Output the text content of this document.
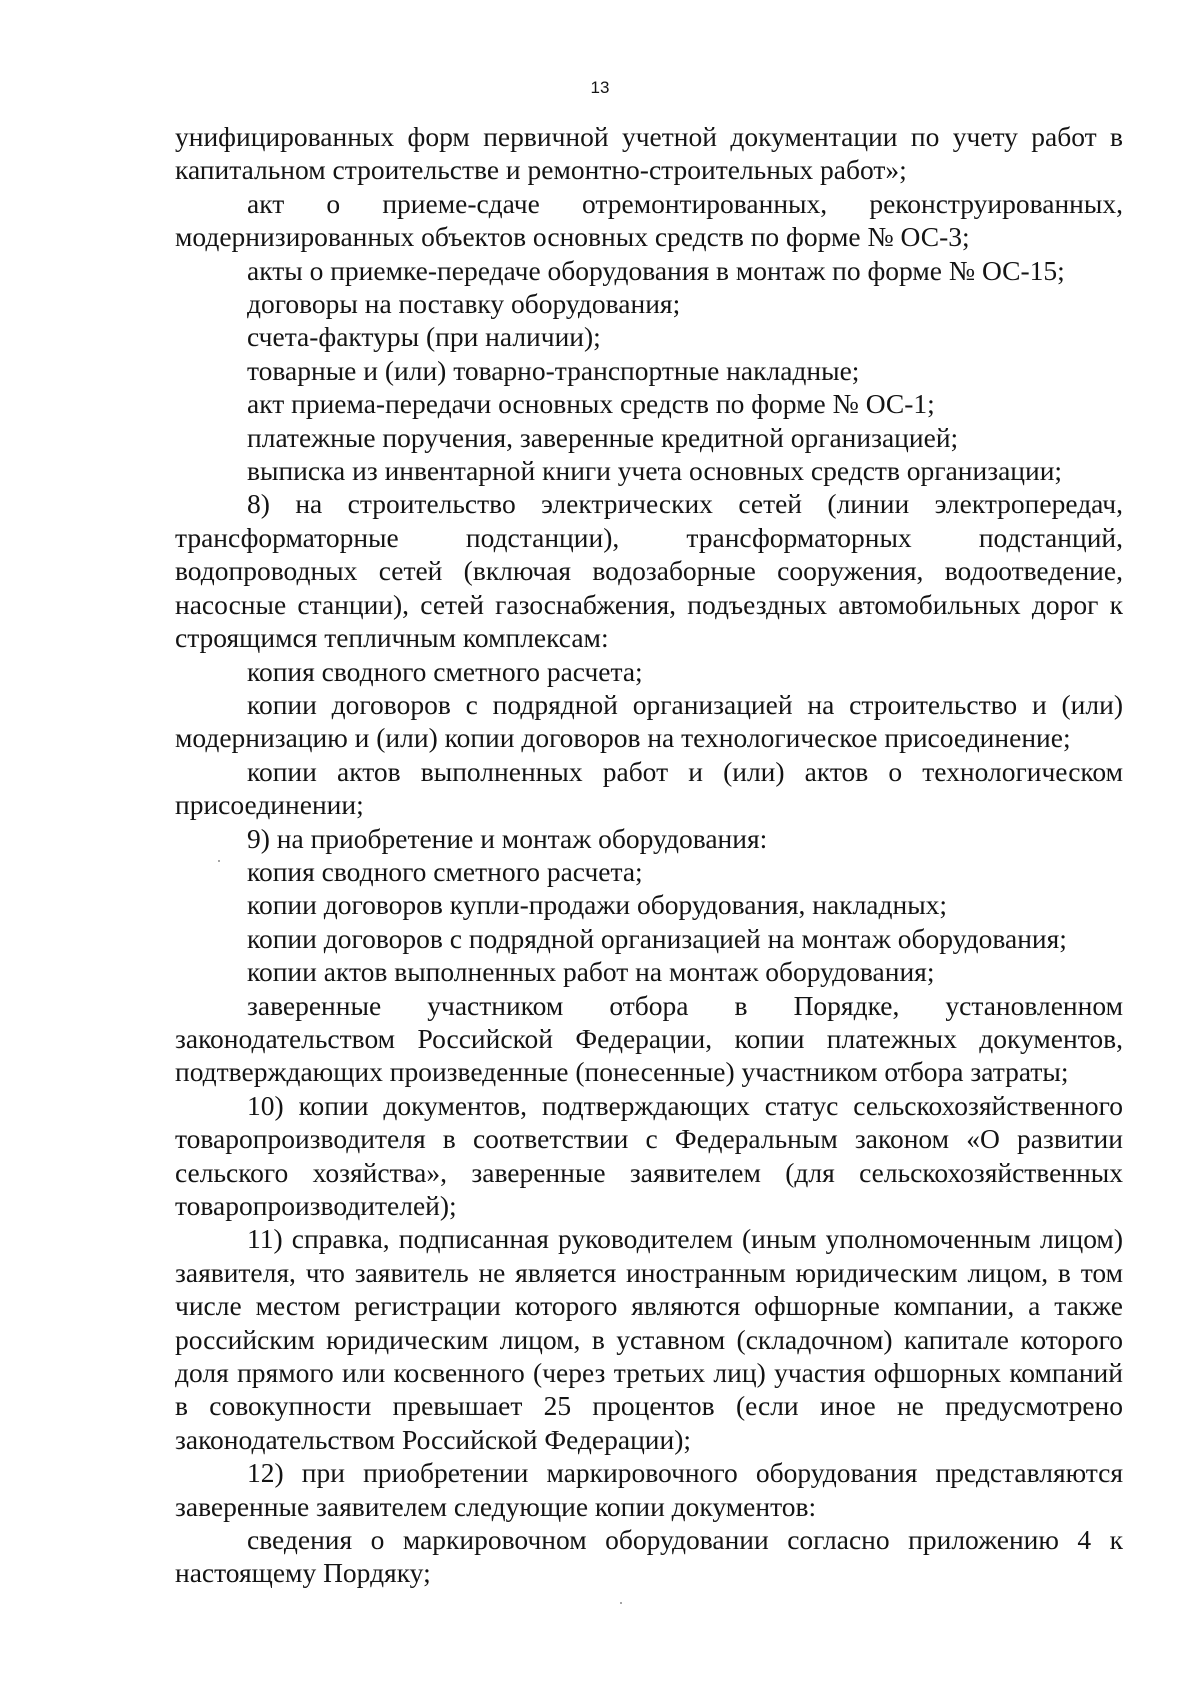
13

унифицированных форм первичной учетной документации по учету работ в капитальном строительстве и ремонтно-строительных работ»;

акт о приеме-сдаче отремонтированных, реконструированных, модернизированных объектов основных средств по форме № ОС-3;

акты о приемке-передаче оборудования в монтаж по форме № ОС-15;

договоры на поставку оборудования;

счета-фактуры (при наличии);

товарные и (или) товарно-транспортные накладные;

акт приема-передачи основных средств по форме № ОС-1;

платежные поручения, заверенные кредитной организацией;

выписка из инвентарной книги учета основных средств организации;

8) на строительство электрических сетей (линии электропередач, трансформаторные подстанции), трансформаторных подстанций, водопроводных сетей (включая водозаборные сооружения, водоотведение, насосные станции), сетей газоснабжения, подъездных автомобильных дорог к строящимся тепличным комплексам:

копия сводного сметного расчета;

копии договоров с подрядной организацией на строительство и (или) модернизацию и (или) копии договоров на технологическое присоединение;

копии актов выполненных работ и (или) актов о технологическом присоединении;

9) на приобретение и монтаж оборудования:

копия сводного сметного расчета;

копии договоров купли-продажи оборудования, накладных;

копии договоров с подрядной организацией на монтаж оборудования;

копии актов выполненных работ на монтаж оборудования;

заверенные участником отбора в Порядке, установленном законодательством Российской Федерации, копии платежных документов, подтверждающих произведенные (понесенные) участником отбора затраты;

10) копии документов, подтверждающих статус сельскохозяйственного товаропроизводителя в соответствии с Федеральным законом «О развитии сельского хозяйства», заверенные заявителем (для сельскохозяйственных товаропроизводителей);

11) справка, подписанная руководителем (иным уполномоченным лицом) заявителя, что заявитель не является иностранным юридическим лицом, в том числе местом регистрации которого являются офшорные компании, а также российским юридическим лицом, в уставном (складочном) капитале которого доля прямого или косвенного (через третьих лиц) участия офшорных компаний в совокупности превышает 25 процентов (если иное не предусмотрено законодательством Российской Федерации);

12) при приобретении маркировочного оборудования представляются заверенные заявителем следующие копии документов:

сведения о маркировочном оборудовании согласно приложению 4 к настоящему Пордяку;
